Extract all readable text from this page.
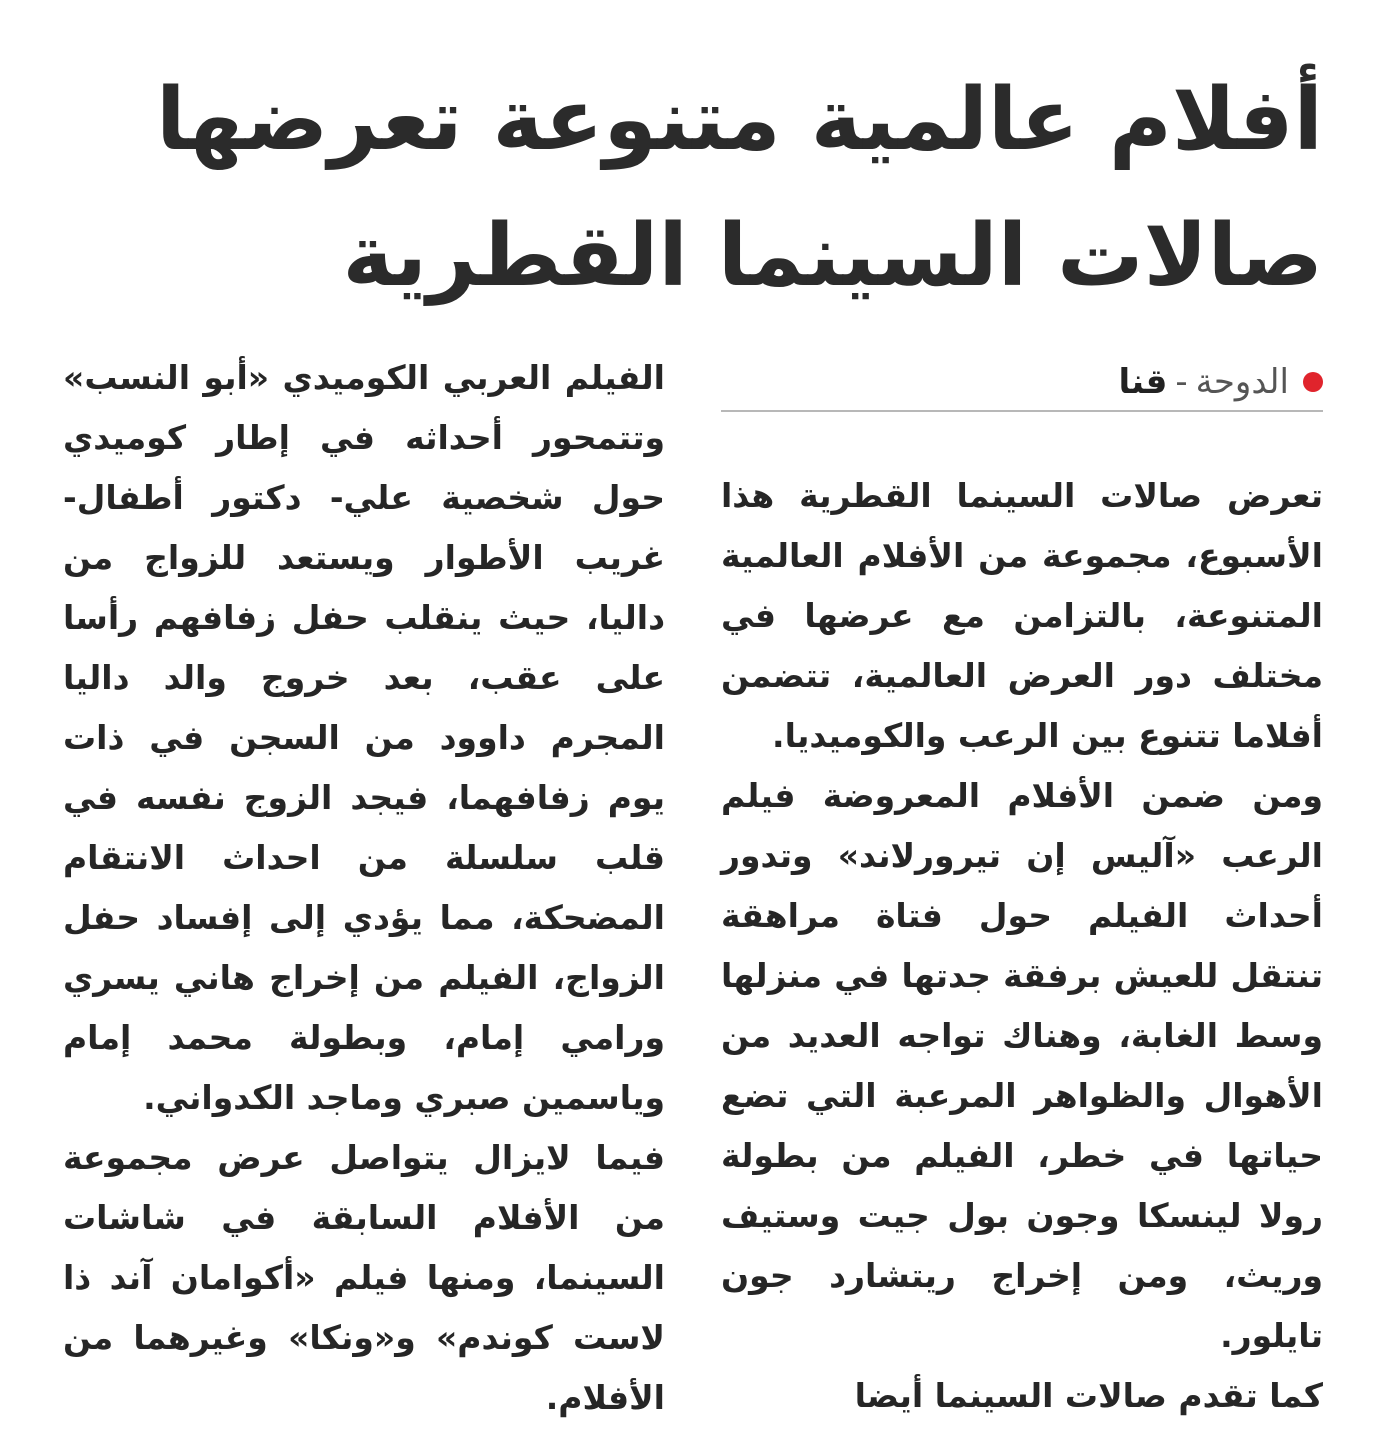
أفلام عالمية متنوعة تعرضها صالات السينما القطرية
الدوحة
-
قنا

تعرض صالات السينما القطرية هذا الأسبوع، مجموعة من الأفلام العالمية المتنوعة، بالتزامن مع عرضها في مختلف دور العرض العالمية، تتضمن أفلاما تتنوع بين الرعب والكوميديا.

ومن ضمن الأفلام المعروضة فيلم الرعب «آليس إن تيرورلاند» وتدور أحداث الفيلم حول فتاة مراهقة تنتقل للعيش برفقة جدتها في منزلها وسط الغابة، وهناك تواجه العديد من الأهوال والظواهر المرعبة التي تضع حياتها في خطر، الفيلم من بطولة رولا لينسكا وجون بول جيت وستيف وريث، ومن إخراج ريتشارد جون تايلور.

كما تقدم صالات السينما أيضا

الفيلم العربي الكوميدي «أبو النسب» وتتمحور أحداثه في إطار كوميدي حول شخصية علي- دكتور أطفال- غريب الأطوار ويستعد للزواج من داليا، حيث ينقلب حفل زفافهم رأسا على عقب، بعد خروج والد داليا المجرم داوود من السجن في ذات يوم زفافهما، فيجد الزوج نفسه في قلب سلسلة من احداث الانتقام المضحكة، مما يؤدي إلى إفساد حفل الزواج، الفيلم من إخراج هاني يسري ورامي إمام، وبطولة محمد إمام وياسمين صبري وماجد الكدواني.

فيما لايزال يتواصل عرض مجموعة من الأفلام السابقة في شاشات السينما، ومنها فيلم «أكوامان آند ذا لاست كوندم» و«ونكا» وغيرهما من الأفلام.
